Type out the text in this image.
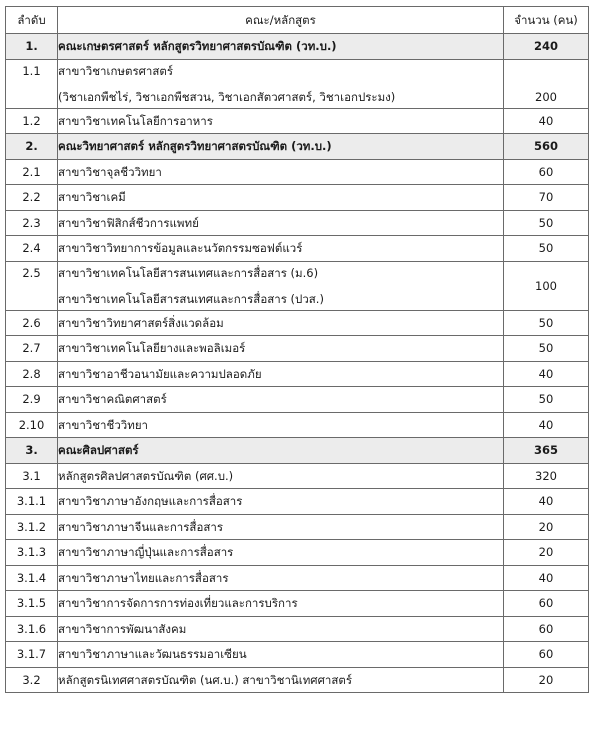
ลำดับ	คณะ/หลักสูตร	จำนวน (คน)
1.	คณะเกษตรศาสตร์ หลักสูตรวิทยาศาสตรบัณฑิต (วท.บ.)	240
1.1	สาขาวิชาเกษตรศาสตร์
(วิชาเอกพืชไร่, วิชาเอกพืชสวน, วิชาเอกสัตวศาสตร์, วิชาเอกประมง)	200
1.2	สาขาวิชาเทคโนโลยีการอาหาร	40
2.	คณะวิทยาศาสตร์ หลักสูตรวิทยาศาสตรบัณฑิต (วท.บ.)	560
2.1	สาขาวิชาจุลชีววิทยา	60
2.2	สาขาวิชาเคมี	70
2.3	สาขาวิชาฟิสิกส์ชีวการแพทย์	50
2.4	สาขาวิชาวิทยาการข้อมูลและนวัตกรรมซอฟต์แวร์	50
2.5	สาขาวิชาเทคโนโลยีสารสนเทศและการสื่อสาร (ม.6)
สาขาวิชาเทคโนโลยีสารสนเทศและการสื่อสาร (ปวส.)	100
2.6	สาขาวิชาวิทยาศาสตร์สิ่งแวดล้อม	50
2.7	สาขาวิชาเทคโนโลยียางและพอลิเมอร์	50
2.8	สาขาวิชาอาชีวอนามัยและความปลอดภัย	40
2.9	สาขาวิชาคณิตศาสตร์	50
2.10	สาขาวิชาชีววิทยา	40
3.	คณะศิลปศาสตร์	365
3.1	หลักสูตรศิลปศาสตรบัณฑิต (ศศ.บ.)	320
3.1.1	สาขาวิชาภาษาอังกฤษและการสื่อสาร	40
3.1.2	สาขาวิชาภาษาจีนและการสื่อสาร	20
3.1.3	สาขาวิชาภาษาญี่ปุ่นและการสื่อสาร	20
3.1.4	สาขาวิชาภาษาไทยและการสื่อสาร	40
3.1.5	สาขาวิชาการจัดการการท่องเที่ยวและการบริการ	60
3.1.6	สาขาวิชาการพัฒนาสังคม	60
3.1.7	สาขาวิชาภาษาและวัฒนธรรมอาเซียน	60
3.2	หลักสูตรนิเทศศาสตรบัณฑิต (นศ.บ.) สาขาวิชานิเทศศาสตร์	20
